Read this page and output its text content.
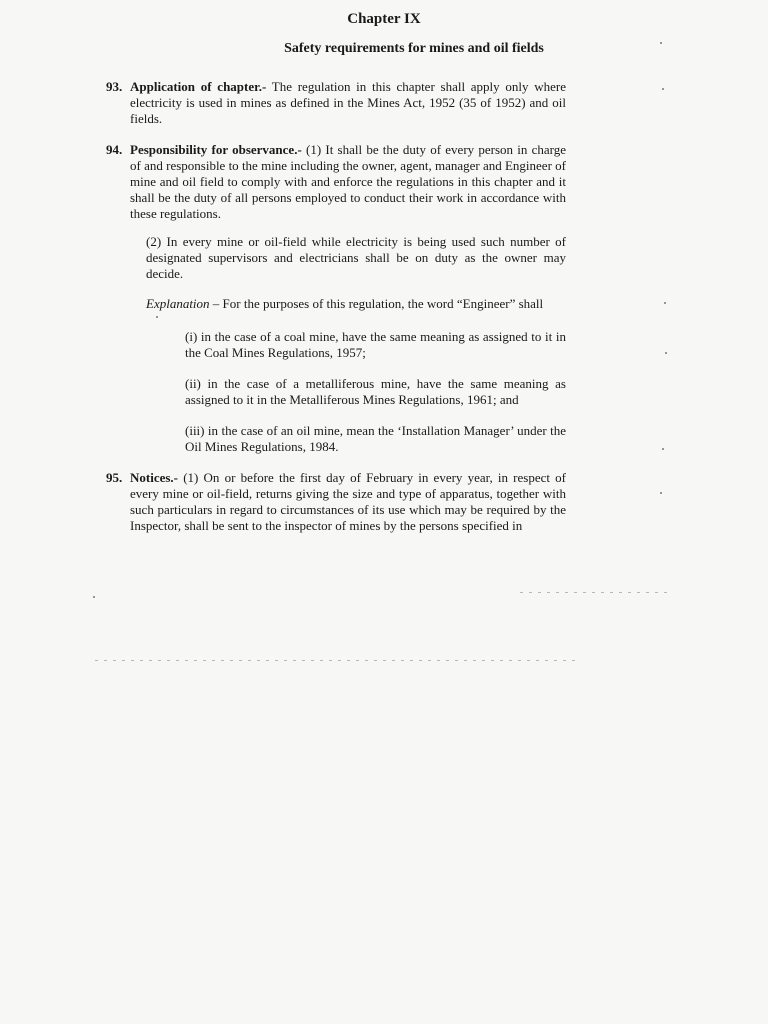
Chapter IX
Safety requirements for mines and oil fields
93. Application of chapter.- The regulation in this chapter shall apply only where electricity is used in mines as defined in the Mines Act, 1952 (35 of 1952) and oil fields.
94. Pesponsibility for observance.- (1) It shall be the duty of every person in charge of and responsible to the mine including the owner, agent, manager and Engineer of mine and oil field to comply with and enforce the regulations in this chapter and it shall be the duty of all persons employed to conduct their work in accordance with these regulations.
(2) In every mine or oil-field while electricity is being used such number of designated supervisors and electricians shall be on duty as the owner may decide.
Explanation – For the purposes of this regulation, the word “Engineer” shall
(i) in the case of a coal mine, have the same meaning as assigned to it in the Coal Mines Regulations, 1957;
(ii) in the case of a metalliferous mine, have the same meaning as assigned to it in the Metalliferous Mines Regulations, 1961; and
(iii) in the case of an oil mine, mean the ‘Installation Manager’ under the Oil Mines Regulations, 1984.
95. Notices.- (1) On or before the first day of February in every year, in respect of every mine or oil-field, returns giving the size and type of apparatus, together with such particulars in regard to circumstances of its use which may be required by the Inspector, shall be sent to the inspector of mines by the persons specified in
